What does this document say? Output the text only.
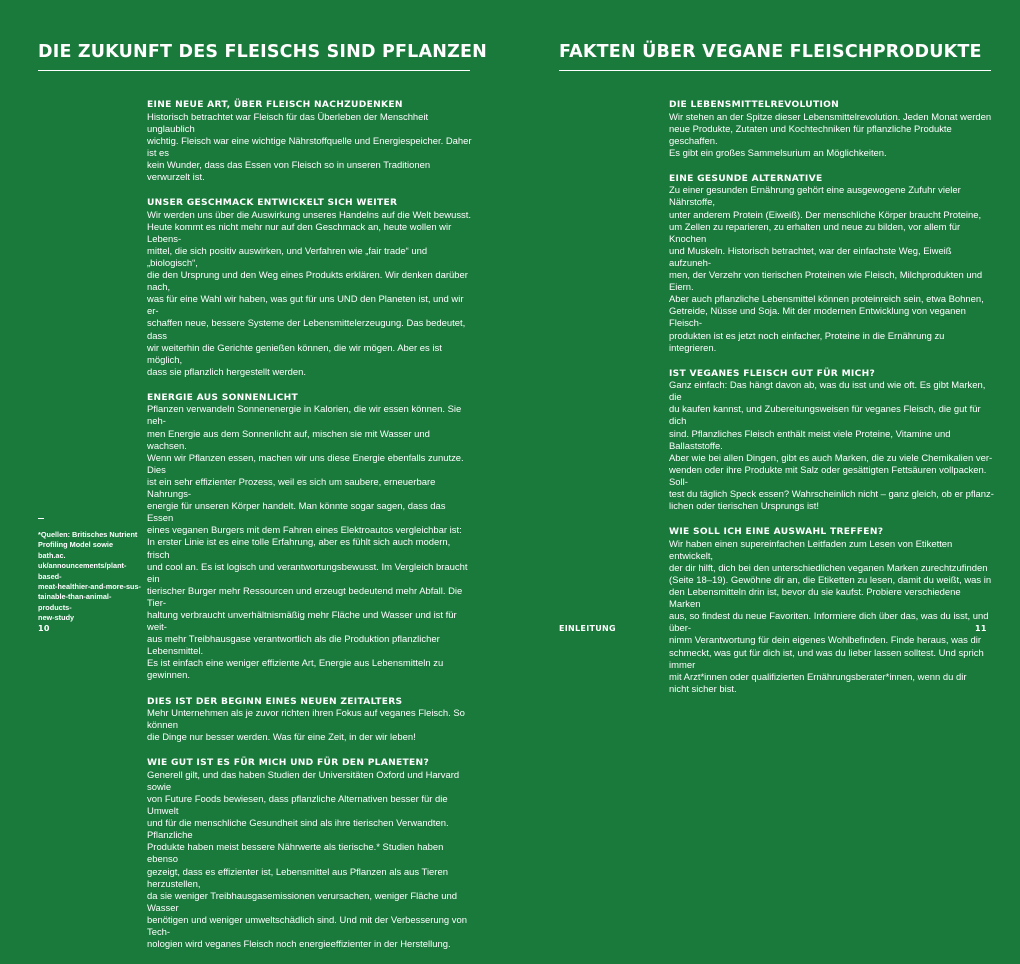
DIE ZUKUNFT DES FLEISCHS SIND PFLANZEN
EINE NEUE ART, ÜBER FLEISCH NACHZUDENKEN

Historisch betrachtet war Fleisch für das Überleben der Menschheit unglaublich
wichtig. Fleisch war eine wichtige Nährstoffquelle und Energiespeicher. Daher ist es
kein Wunder, dass das Essen von Fleisch so in unseren Traditionen verwurzelt ist.

UNSER GESCHMACK ENTWICKELT SICH WEITER

Wir werden uns über die Auswirkung unseres Handelns auf die Welt bewusst.
Heute kommt es nicht mehr nur auf den Geschmack an, heute wollen wir Lebens-
mittel, die sich positiv auswirken, und Verfahren wie „fair trade“ und „biologisch“,
die den Ursprung und den Weg eines Produkts erklären. Wir denken darüber nach,
was für eine Wahl wir haben, was gut für uns UND den Planeten ist, und wir er-
schaffen neue, bessere Systeme der Lebensmittelerzeugung. Das bedeutet, dass
wir weiterhin die Gerichte genießen können, die wir mögen. Aber es ist möglich,
dass sie pflanzlich hergestellt werden.

ENERGIE AUS SONNENLICHT

Pflanzen verwandeln Sonnenenergie in Kalorien, die wir essen können. Sie neh-
men Energie aus dem Sonnenlicht auf, mischen sie mit Wasser und wachsen.
Wenn wir Pflanzen essen, machen wir uns diese Energie ebenfalls zunutze. Dies
ist ein sehr effizienter Prozess, weil es sich um saubere, erneuerbare Nahrungs-
energie für unseren Körper handelt. Man könnte sogar sagen, dass das Essen
eines veganen Burgers mit dem Fahren eines Elektroautos vergleichbar ist:
In erster Linie ist es eine tolle Erfahrung, aber es fühlt sich auch modern, frisch
und cool an. Es ist logisch und verantwortungsbewusst. Im Vergleich braucht ein
tierischer Burger mehr Ressourcen und erzeugt bedeutend mehr Abfall. Die Tier-
haltung verbraucht unverhältnismäßig mehr Fläche und Wasser und ist für weit-
aus mehr Treibhausgase verantwortlich als die Produktion pflanzlicher Lebensmittel.
Es ist einfach eine weniger effiziente Art, Energie aus Lebensmitteln zu gewinnen.

DIES IST DER BEGINN EINES NEUEN ZEITALTERS

Mehr Unternehmen als je zuvor richten ihren Fokus auf veganes Fleisch. So können
die Dinge nur besser werden. Was für eine Zeit, in der wir leben!

WIE GUT IST ES FÜR MICH UND FÜR DEN PLANETEN?

Generell gilt, und das haben Studien der Universitäten Oxford und Harvard sowie
von Future Foods bewiesen, dass pflanzliche Alternativen besser für die Umwelt
und für die menschliche Gesundheit sind als ihre tierischen Verwandten. Pflanzliche
Produkte haben meist bessere Nährwerte als tierische.* Studien haben ebenso
gezeigt, dass es effizienter ist, Lebensmittel aus Pflanzen als aus Tieren herzustellen,
da sie weniger Treibhausgasemissionen verursachen, weniger Fläche und Wasser
benötigen und weniger umweltschädlich sind. Und mit der Verbesserung von Tech-
nologien wird veganes Fleisch noch energieeffizienter in der Herstellung.

*Quellen: Britisches Nutrient
Profiling Model sowie bath.ac.
uk/announcements/plant-based-
meat-healthier-and-more-sus-
tainable-than-animal-products-
new-study

10
FAKTEN ÜBER VEGANE FLEISCHPRODUKTE
DIE LEBENSMITTELREVOLUTION

Wir stehen an der Spitze dieser Lebensmittelrevolution. Jeden Monat werden
neue Produkte, Zutaten und Kochtechniken für pflanzliche Produkte geschaffen.
Es gibt ein großes Sammelsurium an Möglichkeiten.

EINE GESUNDE ALTERNATIVE

Zu einer gesunden Ernährung gehört eine ausgewogene Zufuhr vieler Nährstoffe,
unter anderem Protein (Eiweiß). Der menschliche Körper braucht Proteine,
um Zellen zu reparieren, zu erhalten und neue zu bilden, vor allem für Knochen
und Muskeln. Historisch betrachtet, war der einfachste Weg, Eiweiß aufzuneh-
men, der Verzehr von tierischen Proteinen wie Fleisch, Milchprodukten und Eiern.
Aber auch pflanzliche Lebensmittel können proteinreich sein, etwa Bohnen,
Getreide, Nüsse und Soja. Mit der modernen Entwicklung von veganen Fleisch-
produkten ist es jetzt noch einfacher, Proteine in die Ernährung zu integrieren.

IST VEGANES FLEISCH GUT FÜR MICH?

Ganz einfach: Das hängt davon ab, was du isst und wie oft. Es gibt Marken, die
du kaufen kannst, und Zubereitungsweisen für veganes Fleisch, die gut für dich
sind. Pflanzliches Fleisch enthält meist viele Proteine, Vitamine und Ballaststoffe.
Aber wie bei allen Dingen, gibt es auch Marken, die zu viele Chemikalien ver-
wenden oder ihre Produkte mit Salz oder gesättigten Fettsäuren vollpacken. Soll-
test du täglich Speck essen? Wahrscheinlich nicht – ganz gleich, ob er pflanz-
lichen oder tierischen Ursprungs ist!

WIE SOLL ICH EINE AUSWAHL TREFFEN?

Wir haben einen supereinfachen Leitfaden zum Lesen von Etiketten entwickelt,
der dir hilft, dich bei den unterschiedlichen veganen Marken zurechtzufinden
(Seite 18–19). Gewöhne dir an, die Etiketten zu lesen, damit du weißt, was in
den Lebensmitteln drin ist, bevor du sie kaufst. Probiere verschiedene Marken
aus, so findest du neue Favoriten. Informiere dich über das, was du isst, und über-
nimm Verantwortung für dein eigenes Wohlbefinden. Finde heraus, was dir
schmeckt, was gut für dich ist, und was du lieber lassen solltest. Und sprich immer
mit Arzt*innen oder qualifizierten Ernährungsberater*innen, wenn du dir
nicht sicher bist.

EINLEITUNG	11
